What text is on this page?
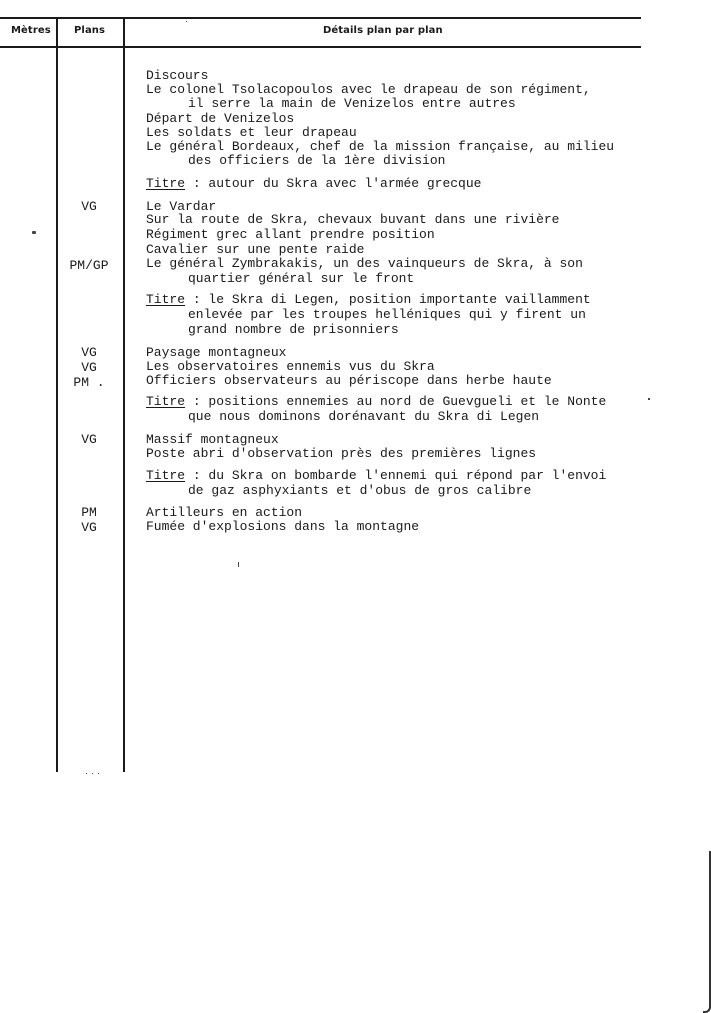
Mètres Plans	Détails plan par plan
VG
PM/GP
VG
VG
PM .
VG
PM
VG
Discours
Le colonel Tsolacopoulos avec le drapeau de son régiment,
il serre la main de Venizelos entre autres
Départ de Venizelos
Les soldats et leur drapeau
Le général Bordeaux, chef de la mission française, au milieu
des officiers de la 1ère division
Titre : autour du Skra avec l'armée grecque
Le Vardar
Sur la route de Skra, chevaux buvant dans une rivière
Régiment grec allant prendre position
Cavalier sur une pente raide
Le général Zymbrakakis, un des vainqueurs de Skra, à son
quartier général sur le front
Titre : le Skra di Legen, position importante vaillamment
enlevée par les troupes helléniques qui y firent un
grand nombre de prisonniers
Paysage montagneux
Les observatoires ennemis vus du Skra
Officiers observateurs au périscope dans herbe haute
Titre : positions ennemies au nord de Guevgueli et le Nonte
que nous dominons dorénavant du Skra di Legen
Massif montagneux
Poste abri d'observation près des premières lignes
Titre : du Skra on bombarde l'ennemi qui répond par l'envoi
de gaz asphyxiants et d'obus de gros calibre
Artilleurs en action
Fumée d'explosions dans la montagne
